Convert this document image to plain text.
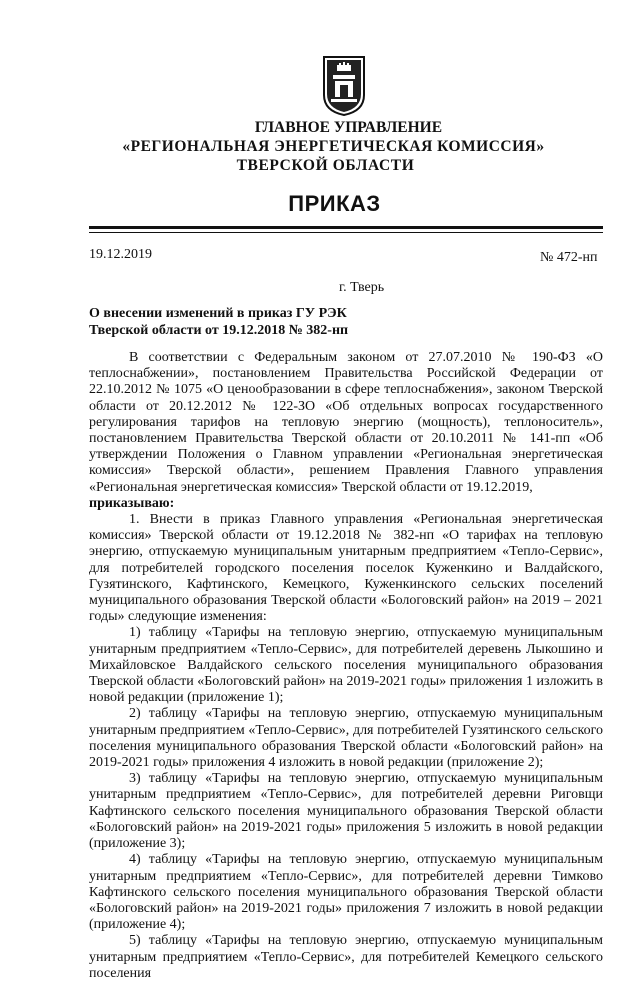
ГЛАВНОЕ УПРАВЛЕНИЕ
«РЕГИОНАЛЬНАЯ ЭНЕРГЕТИЧЕСКАЯ КОМИССИЯ»
ТВЕРСКОЙ ОБЛАСТИ
ПРИКАЗ
19.12.2019	№ 472-нп
г. Тверь
О внесении изменений в приказ ГУ РЭК
Тверской области от 19.12.2018 № 382-нп

В соответствии с Федеральным законом от 27.07.2010 № 190-ФЗ «О теплоснабжении», постановлением Правительства Российской Федерации от 22.10.2012 № 1075 «О ценообразовании в сфере теплоснабжения», законом Тверской области от 20.12.2012 № 122-ЗО «Об отдельных вопросах государственного регулирования тарифов на тепловую энергию (мощность), теплоноситель», постановлением Правительства Тверской области от 20.10.2011 № 141-пп «Об утверждении Положения о Главном управлении «Региональная энергетическая комиссия» Тверской области», решением Правления Главного управления «Региональная энергетическая комиссия» Тверской области от 19.12.2019,

приказываю:

1. Внести в приказ Главного управления «Региональная энергетическая комиссия» Тверской области от 19.12.2018 № 382-нп «О тарифах на тепловую энергию, отпускаемую муниципальным унитарным предприятием «Тепло-Сервис», для потребителей городского поселения поселок Куженкино и Валдайского, Гузятинского, Кафтинского, Кемецкого, Куженкинского сельских поселений муниципального образования Тверской области «Бологовский район» на 2019 – 2021 годы» следующие изменения:

1) таблицу «Тарифы на тепловую энергию, отпускаемую муниципальным унитарным предприятием «Тепло-Сервис», для потребителей деревень Лыкошино и Михайловское Валдайского сельского поселения муниципального образования Тверской области «Бологовский район» на 2019-2021 годы» приложения 1 изложить в новой редакции (приложение 1);

2) таблицу «Тарифы на тепловую энергию, отпускаемую муниципальным унитарным предприятием «Тепло-Сервис», для потребителей Гузятинского сельского поселения муниципального образования Тверской области «Бологовский район» на 2019-2021 годы» приложения 4 изложить в новой редакции (приложение 2);

3) таблицу «Тарифы на тепловую энергию, отпускаемую муниципальным унитарным предприятием «Тепло-Сервис», для потребителей деревни Риговщи Кафтинского сельского поселения муниципального образования Тверской области «Бологовский район» на 2019-2021 годы» приложения 5 изложить в новой редакции (приложение 3);

4) таблицу «Тарифы на тепловую энергию, отпускаемую муниципальным унитарным предприятием «Тепло-Сервис», для потребителей деревни Тимково Кафтинского сельского поселения муниципального образования Тверской области «Бологовский район» на 2019-2021 годы» приложения 7 изложить в новой редакции (приложение 4);

5) таблицу «Тарифы на тепловую энергию, отпускаемую муниципальным унитарным предприятием «Тепло-Сервис», для потребителей Кемецкого сельского поселения
